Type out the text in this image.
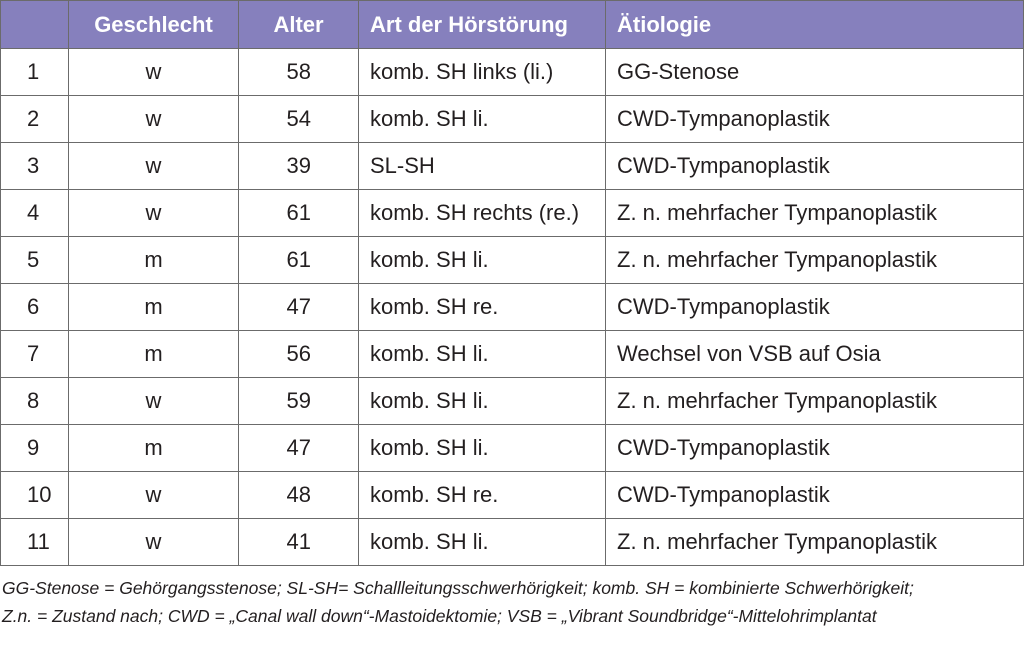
	Geschlecht	Alter	Art der Hörstörung	Ätiologie
1	w	58	komb. SH links (li.)	GG-Stenose
2	w	54	komb. SH li.	CWD-Tympanoplastik
3	w	39	SL-SH	CWD-Tympanoplastik
4	w	61	komb. SH rechts (re.)	Z. n. mehrfacher Tympanoplastik
5	m	61	komb. SH li.	Z. n. mehrfacher Tympanoplastik
6	m	47	komb. SH re.	CWD-Tympanoplastik
7	m	56	komb. SH li.	Wechsel von VSB auf Osia
8	w	59	komb. SH li.	Z. n. mehrfacher Tympanoplastik
9	m	47	komb. SH li.	CWD-Tympanoplastik
10	w	48	komb. SH re.	CWD-Tympanoplastik
11	w	41	komb. SH li.	Z. n. mehrfacher Tympanoplastik
GG-Stenose = Gehörgangsstenose; SL-SH= Schallleitungsschwerhörigkeit; komb. SH = kombinierte Schwerhörigkeit;
Z.n. = Zustand nach; CWD = „Canal wall down“-Mastoidektomie; VSB = „Vibrant Soundbridge“-Mittelohrimplantat
